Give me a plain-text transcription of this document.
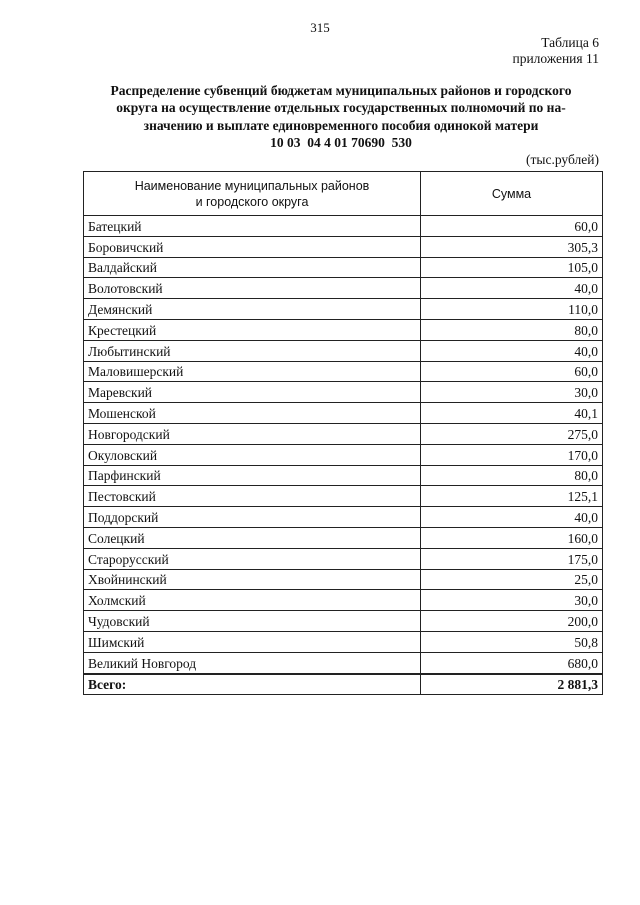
315
Таблица 6
приложения 11
Распределение субвенций бюджетам муниципальных районов и городского
округа на осуществление отдельных государственных полномочий по на-
значению и выплате единовременного пособия одинокой матери
10 03  04 4 01 70690  530
(тыс.рублей)
Наименование муниципальных районов
и городского округа	Сумма
Батецкий	60,0
Боровичский	305,3
Валдайский	105,0
Волотовский	40,0
Демянский	110,0
Крестецкий	80,0
Любытинский	40,0
Маловишерский	60,0
Маревский	30,0
Мошенской	40,1
Новгородский	275,0
Окуловский	170,0
Парфинский	80,0
Пестовский	125,1
Поддорский	40,0
Солецкий	160,0
Старорусский	175,0
Хвойнинский	25,0
Холмский	30,0
Чудовский	200,0
Шимский	50,8
Великий Новгород	680,0
Всего:	2 881,3
